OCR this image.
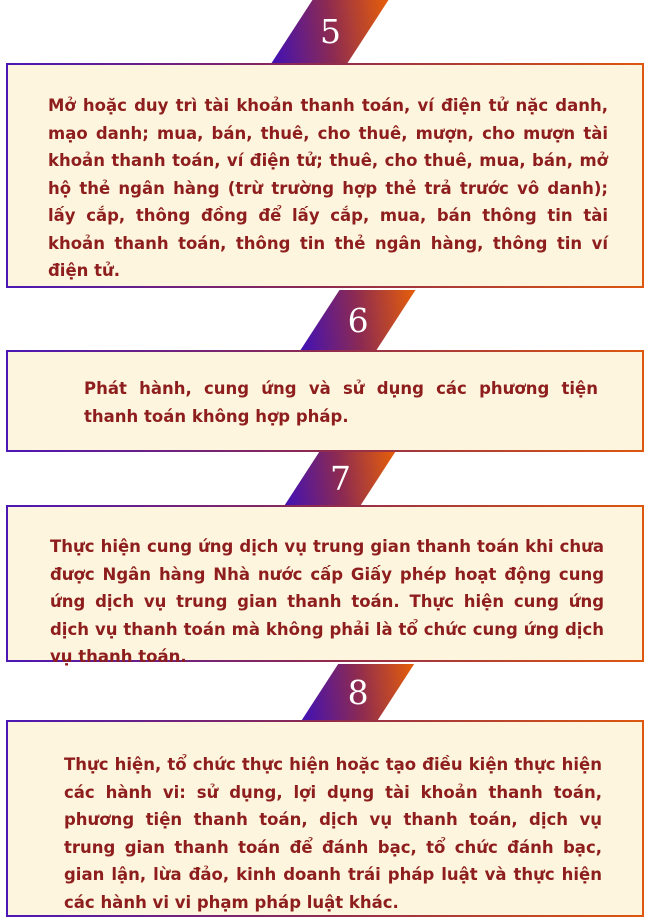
5

Mở hoặc duy trì tài khoản thanh toán, ví điện tử nặc danh, mạo danh; mua, bán, thuê, cho thuê, mượn, cho mượn tài khoản thanh toán, ví điện tử; thuê, cho thuê, mua, bán, mở hộ thẻ ngân hàng (trừ trường hợp thẻ trả trước vô danh); lấy cắp, thông đồng để lấy cắp, mua, bán thông tin tài khoản thanh toán, thông tin thẻ ngân hàng, thông tin ví điện tử.

6

Phát hành, cung ứng và sử dụng các phương tiện thanh toán không hợp pháp.

7

Thực hiện cung ứng dịch vụ trung gian thanh toán khi chưa được Ngân hàng Nhà nước cấp Giấy phép hoạt động cung ứng dịch vụ trung gian thanh toán. Thực hiện cung ứng dịch vụ thanh toán mà không phải là tổ chức cung ứng dịch vụ thanh toán.

8

Thực hiện, tổ chức thực hiện hoặc tạo điều kiện thực hiện các hành vi: sử dụng, lợi dụng tài khoản thanh toán, phương tiện thanh toán, dịch vụ thanh toán, dịch vụ trung gian thanh toán để đánh bạc, tổ chức đánh bạc, gian lận, lừa đảo, kinh doanh trái pháp luật và thực hiện các hành vi vi phạm pháp luật khác.
